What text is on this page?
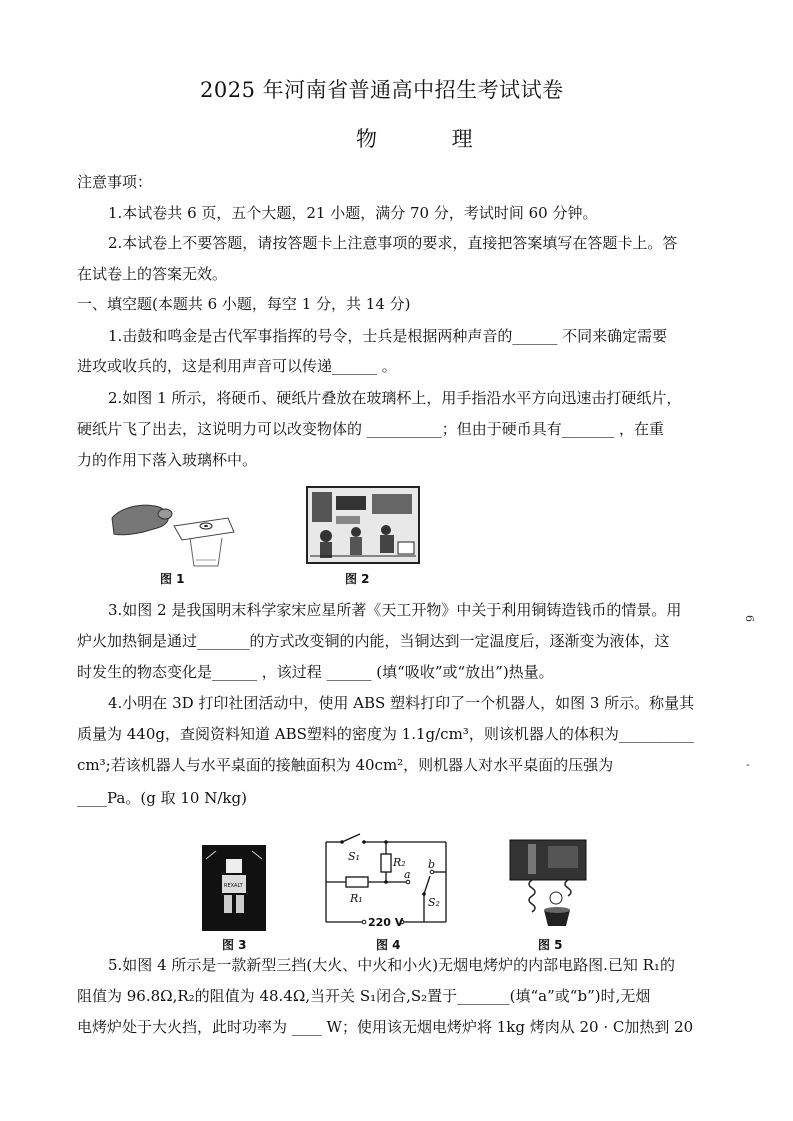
2025 年河南省普通高中招生考试试卷
物 理
注意事项：
1.本试卷共 6 页，五个大题，21 小题，满分 70 分，考试时间 60 分钟。
2.本试卷上不要答题，请按答题卡上注意事项的要求，直接把答案填写在答题卡上。答
在试卷上的答案无效。
一、填空题(本题共 6 小题，每空 1 分，共 14 分)
1.击鼓和鸣金是古代军事指挥的号令，士兵是根据两种声音的______ 不同来确定需要
进攻或收兵的，这是利用声音可以传递______ 。
2.如图 1 所示，将硬币、硬纸片叠放在玻璃杯上，用手指沿水平方向迅速击打硬纸片，
硬纸片飞了出去，这说明力可以改变物体的 __________；但由于硬币具有_______ ，在重
力的作用下落入玻璃杯中。
图 1	图 2
3.如图 2 是我国明末科学家宋应星所著《天工开物》中关于利用铜铸造钱币的情景。用
炉火加热铜是通过_______的方式改变铜的内能，当铜达到一定温度后，逐渐变为液体，这
时发生的物态变化是______ ，该过程 ______ (填“吸收”或“放出”)热量。
4.小明在 3D 打印社团活动中，使用 ABS 塑料打印了一个机器人，如图 3 所示。称量其
质量为 440g，查阅资料知道 ABS塑料的密度为 1.1g/cm³，则该机器人的体积为__________
cm³;若该机器人与水平桌面的接触面积为 40cm²，则机器人对水平桌面的压强为
____Pa。(g 取 10 N/kg)
REXALT
图 3
S₁	R₂
R₁
a
b
S₂
220 V
图 4	图 5
5.如图 4 所示是一款新型三挡(大火、中火和小火)无烟电烤炉的内部电路图.已知 R₁的
阻值为 96.8Ω,R₂的阻值为 48.4Ω,当开关 S₁闭合,S₂置于_______(填“a”或“b”)时,无烟
电烤炉处于大火挡，此时功率为 ____ W；使用该无烟电烤炉将 1kg 烤肉从 20 · C加热到 20
6
-
